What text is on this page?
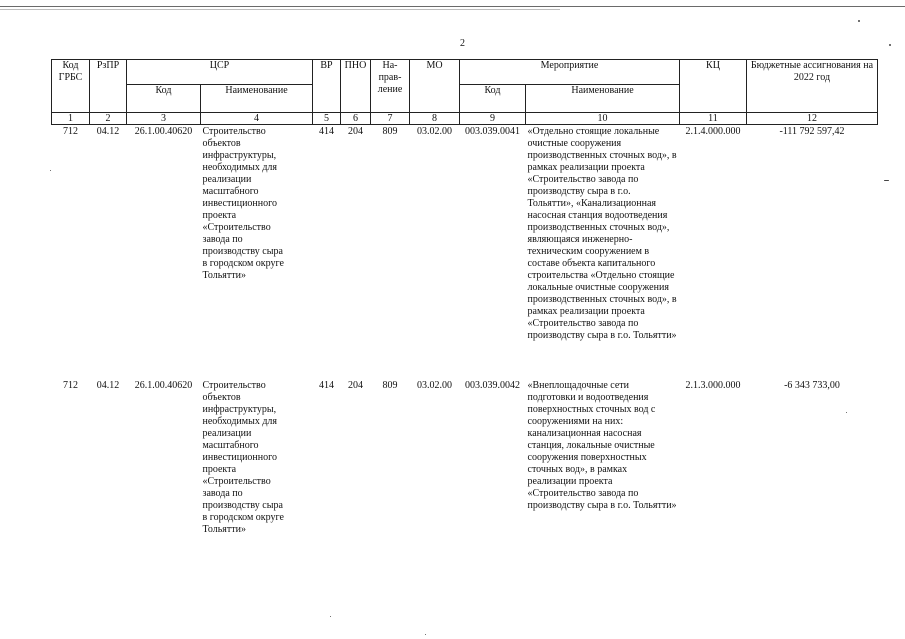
2
Код ГРБС	РзПР	ЦСР		ВР	ПНО	На-прав-ление	МО	Мероприятие		КЦ	Бюджетные ассигнования на 2022 год
		Код	Наименование					Код	Наименование		
1	2	3	4	5	6	7	8	9	10	11	12
712	04.12	26.1.00.40620	Строительство объектов инфраструктуры, необходимых для реализации масштабного инвестиционного проекта «Строительство завода по производству сыра в городском округе Тольятти»	414	204	809	03.02.00	003.039.0041	«Отдельно стоящие локальные очистные сооружения производственных сточных вод», в рамках реализации проекта «Строительство завода по производству сыра в г.о. Тольятти», «Канализационная насосная станция водоотведения производственных сточных вод», являющаяся инженерно-техническим сооружением в составе объекта капитального строительства «Отдельно стоящие локальные очистные сооружения производственных сточных вод», в рамках реализации проекта «Строительство завода по производству сыра в г.о. Тольятти»	2.1.4.000.000	-111 792 597,42
712	04.12	26.1.00.40620	Строительство объектов инфраструктуры, необходимых для реализации масштабного инвестиционного проекта «Строительство завода по производству сыра в городском округе Тольятти»	414	204	809	03.02.00	003.039.0042	«Внеплощадочные сети подготовки и водоотведения поверхностных сточных вод с сооружениями на них: канализационная насосная станция, локальные очистные сооружения поверхностных сточных вод», в рамках реализации проекта «Строительство завода по производству сыра в г.о. Тольятти»	2.1.3.000.000	-6 343 733,00
